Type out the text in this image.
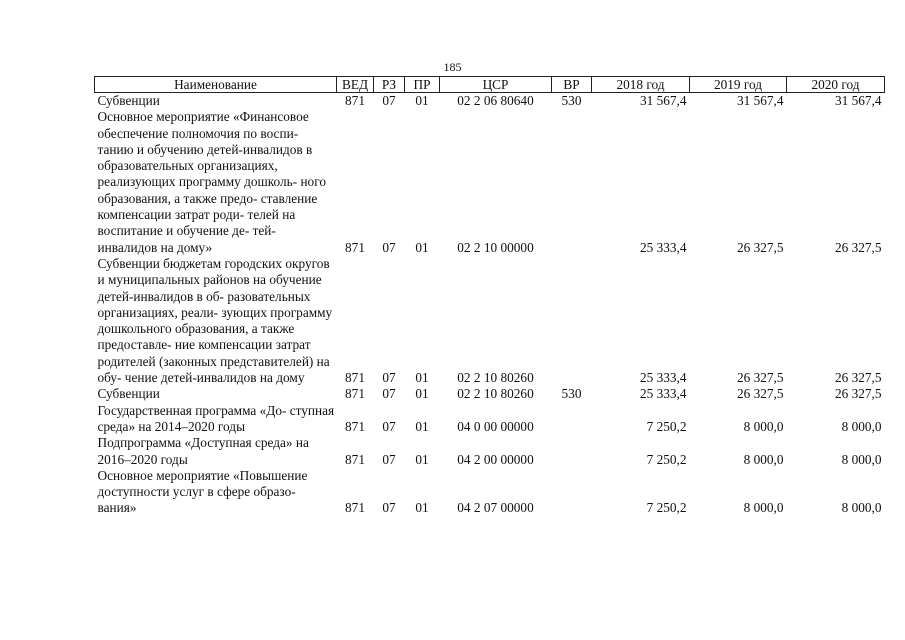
185
Наименование	ВЕД	РЗ	ПР	ЦСР	ВР	2018 год	2019 год	2020 год
Субвенции	871	07	01	02 2 06 80640	530	31 567,4	31 567,4	31 567,4
Основное мероприятие «Финансовое обеспечение полномочия по воспи- танию и обучению детей-инвалидов в образовательных организациях, реализующих программу дошколь- ного образования, а также предо- ставление компенсации затрат роди- телей на воспитание и обучение де- тей-инвалидов на дому»	871	07	01	02 2 10 00000		25 333,4	26 327,5	26 327,5
Субвенции бюджетам городских округов и муниципальных районов на обучение детей-инвалидов в об- разовательных организациях, реали- зующих программу дошкольного образования, а также предоставле- ние компенсации затрат родителей (законных представителей) на обу- чение детей-инвалидов на дому	871	07	01	02 2 10 80260		25 333,4	26 327,5	26 327,5
Субвенции	871	07	01	02 2 10 80260	530	25 333,4	26 327,5	26 327,5
Государственная программа «До- ступная среда» на 2014–2020 годы	871	07	01	04 0 00 00000		7 250,2	8 000,0	8 000,0
Подпрограмма «Доступная среда» на 2016–2020 годы	871	07	01	04 2 00 00000		7 250,2	8 000,0	8 000,0
Основное мероприятие «Повышение доступности услуг в сфере образо- вания»	871	07	01	04 2 07 00000		7 250,2	8 000,0	8 000,0
